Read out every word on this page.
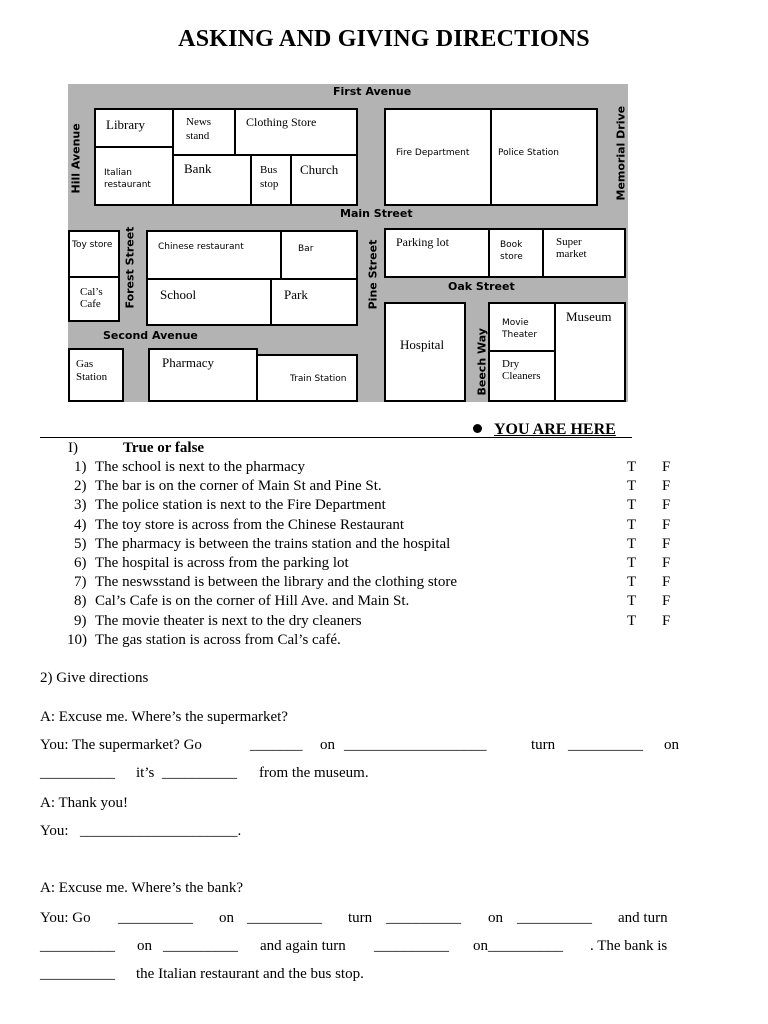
ASKING AND GIVING DIRECTIONS
First Avenue
Main Street
Oak Street
Second Avenue
Hill Avenue
Forest Street	Pine Street
Beech Way
Memorial Drive
Library	News
stand
Clothing Store
Italian
restaurant
Bank	Bus
stop
Church
Fire Department	Police Station
Toy store
Cal’s
Cafe
Chinese restaurant	Bar
School	Park
Parking lot	Book
store
Super
market
Hospital
Movie
Theater
Museum
Dry
Cleaners
Gas
Station
Pharmacy
Train Station
YOU ARE HERE
I)	True or false
1) The school is next to the pharmacy	T F
2) The bar is on the corner of Main St and Pine St.	T F
3) The police station is next to the Fire Department	T F
4) The toy store is across from the Chinese Restaurant	T F
5) The pharmacy is between the trains station and the hospital	T F
6) The hospital is across from the parking lot	T F
7) The neswsstand is between the library and the clothing store	T F
8) Cal’s Cafe is on the corner of Hill Ave. and Main St.	T F
9) The movie theater is next to the dry cleaners	T F
10) The gas station is across from Cal’s café.
2) Give directions
A: Excuse me. Where’s the supermarket?
You: The supermarket? Go	_______ on ___________________	turn __________ on
__________ it’s __________ from the museum.
A: Thank you!
You: _____________________.
A: Excuse me. Where’s the bank?
You: Go __________ on __________ turn __________ on __________ and turn
__________ on __________ and again turn __________ on__________ . The bank is
__________ the Italian restaurant and the bus stop.
